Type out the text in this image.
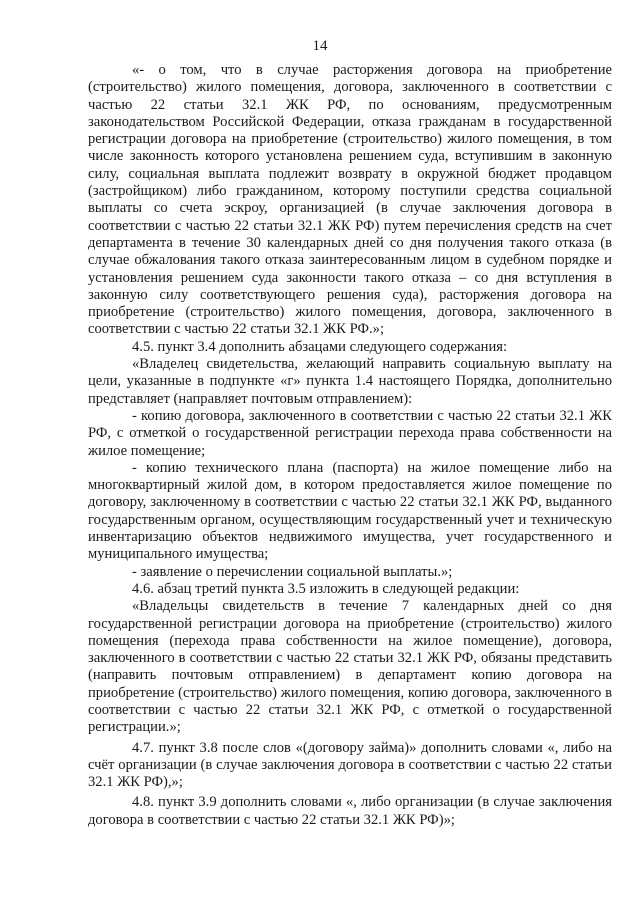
14

«- о том, что в случае расторжения договора на приобретение (строительство) жилого помещения, договора, заключенного в соответствии с частью 22 статьи 32.1 ЖК РФ, по основаниям, предусмотренным законодательством Российской Федерации, отказа гражданам в государственной регистрации договора на приобретение (строительство) жилого помещения, в том числе законность которого установлена решением суда, вступившим в законную силу, социальная выплата подлежит возврату в окружной бюджет продавцом (застройщиком) либо гражданином, которому поступили средства социальной выплаты со счета эскроу, организацией (в случае заключения договора в соответствии с частью 22 статьи 32.1 ЖК РФ) путем перечисления средств на счет департамента в течение 30 календарных дней со дня получения такого отказа (в случае обжалования такого отказа заинтересованным лицом в судебном порядке и установления решением суда законности такого отказа – со дня вступления в законную силу соответствующего решения суда), расторжения договора на приобретение (строительство) жилого помещения, договора, заключенного в соответствии с частью 22 статьи 32.1 ЖК РФ.»;

4.5. пункт 3.4 дополнить абзацами следующего содержания:

«Владелец свидетельства, желающий направить социальную выплату на цели, указанные в подпункте «г» пункта 1.4 настоящего Порядка, дополнительно представляет (направляет почтовым отправлением):

- копию договора, заключенного в соответствии с частью 22 статьи 32.1 ЖК РФ, с отметкой о государственной регистрации перехода права собственности на жилое помещение;

- копию технического плана (паспорта) на жилое помещение либо на многоквартирный жилой дом, в котором предоставляется жилое помещение по договору, заключенному в соответствии с частью 22 статьи 32.1 ЖК РФ, выданного государственным органом, осуществляющим государственный учет и техническую инвентаризацию объектов недвижимого имущества, учет государственного и муниципального имущества;

- заявление о перечислении социальной выплаты.»;

4.6. абзац третий пункта 3.5 изложить в следующей редакции:

«Владельцы свидетельств в течение 7 календарных дней со дня государственной регистрации договора на приобретение (строительство) жилого помещения (перехода права собственности на жилое помещение), договора, заключенного в соответствии с частью 22 статьи 32.1 ЖК РФ, обязаны представить (направить почтовым отправлением) в департамент копию договора на приобретение (строительство) жилого помещения, копию договора, заключенного в соответствии с частью 22 статьи 32.1 ЖК РФ, с отметкой о государственной регистрации.»;

4.7. пункт 3.8 после слов «(договору займа)» дополнить словами «, либо на счёт организации (в случае заключения договора в соответствии с частью 22 статьи 32.1 ЖК РФ),»;

4.8. пункт 3.9 дополнить словами «, либо организации (в случае заключения договора в соответствии с частью 22 статьи 32.1 ЖК РФ)»;
